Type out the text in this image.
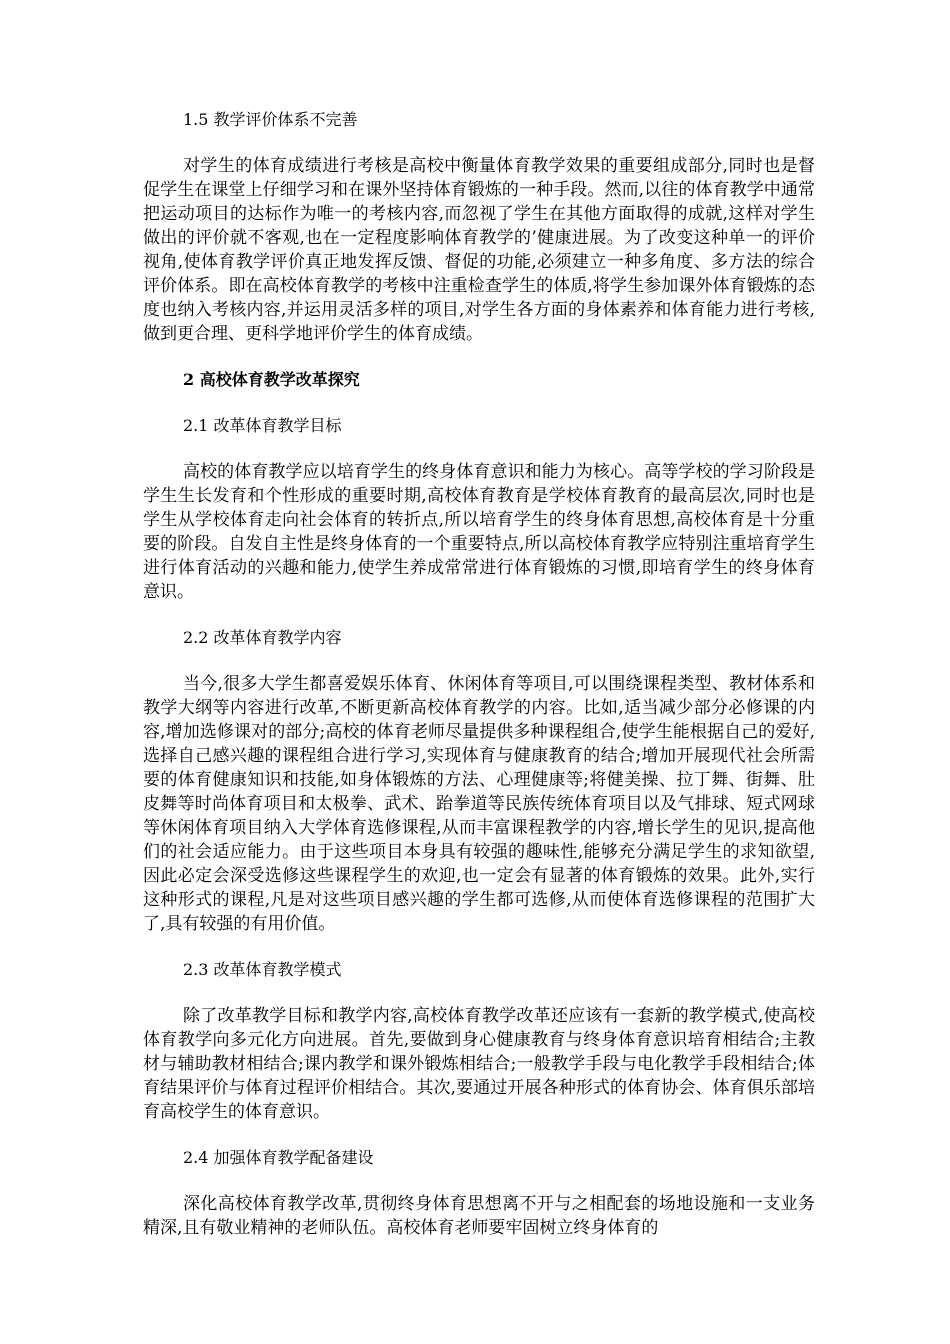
1.5 教学评价体系不完善

对学生的体育成绩进行考核是高校中衡量体育教学效果的重要组成部分,同时也是督促学生在课堂上仔细学习和在课外坚持体育锻炼的一种手段。然而,以往的体育教学中通常把运动项目的达标作为唯一的考核内容,而忽视了学生在其他方面取得的成就,这样对学生做出的评价就不客观,也在一定程度影响体育教学的’健康进展。为了改变这种单一的评价视角,使体育教学评价真正地发挥反馈、督促的功能,必须建立一种多角度、多方法的综合评价体系。即在高校体育教学的考核中注重检查学生的体质,将学生参加课外体育锻炼的态度也纳入考核内容,并运用灵活多样的项目,对学生各方面的身体素养和体育能力进行考核,做到更合理、更科学地评价学生的体育成绩。

2 高校体育教学改革探究
2.1 改革体育教学目标

高校的体育教学应以培育学生的终身体育意识和能力为核心。高等学校的学习阶段是学生生长发育和个性形成的重要时期,高校体育教育是学校体育教育的最高层次,同时也是学生从学校体育走向社会体育的转折点,所以培育学生的终身体育思想,高校体育是十分重要的阶段。自发自主性是终身体育的一个重要特点,所以高校体育教学应特别注重培育学生进行体育活动的兴趣和能力,使学生养成常常进行体育锻炼的习惯,即培育学生的终身体育意识。

2.2 改革体育教学内容

当今,很多大学生都喜爱娱乐体育、休闲体育等项目,可以围绕课程类型、教材体系和教学大纲等内容进行改革,不断更新高校体育教学的内容。比如,适当减少部分必修课的内容,增加选修课对的部分;高校的体育老师尽量提供多种课程组合,使学生能根据自己的爱好,选择自己感兴趣的课程组合进行学习,实现体育与健康教育的结合;增加开展现代社会所需要的体育健康知识和技能,如身体锻炼的方法、心理健康等;将健美操、拉丁舞、街舞、肚皮舞等时尚体育项目和太极拳、武术、跆拳道等民族传统体育项目以及气排球、短式网球等休闲体育项目纳入大学体育选修课程,从而丰富课程教学的内容,增长学生的见识,提高他们的社会适应能力。由于这些项目本身具有较强的趣味性,能够充分满足学生的求知欲望,因此必定会深受选修这些课程学生的欢迎,也一定会有显著的体育锻炼的效果。此外,实行这种形式的课程,凡是对这些项目感兴趣的学生都可选修,从而使体育选修课程的范围扩大了,具有较强的有用价值。

2.3 改革体育教学模式

除了改革教学目标和教学内容,高校体育教学改革还应该有一套新的教学模式,使高校体育教学向多元化方向进展。首先,要做到身心健康教育与终身体育意识培育相结合;主教材与辅助教材相结合;课内教学和课外锻炼相结合;一般教学手段与电化教学手段相结合;体育结果评价与体育过程评价相结合。其次,要通过开展各种形式的体育协会、体育俱乐部培育高校学生的体育意识。

2.4 加强体育教学配备建设

深化高校体育教学改革,贯彻终身体育思想离不开与之相配套的场地设施和一支业务精深,且有敬业精神的老师队伍。高校体育老师要牢固树立终身体育的
